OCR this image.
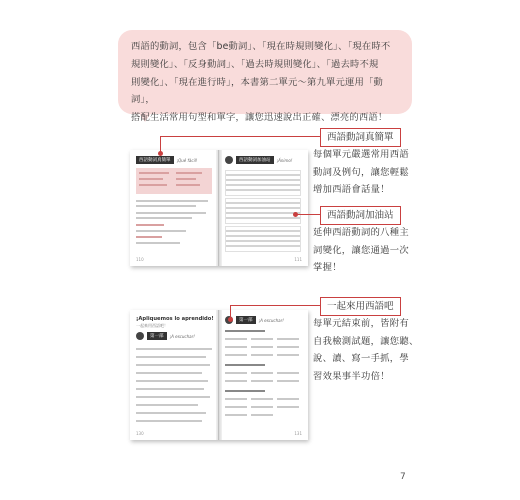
西語的動詞，包含「be動詞」、「現在時規則變化」、「現在時不
規則變化」、「反身動詞」、「過去時規則變化」、「過去時不規
則變化」、「現在進行時」，本書第二單元～第九單元運用「動詞」，
搭配生活常用句型和單字，讓您迅速說出正確、漂亮的西語！
西語動詞真簡單	¡Qué fácil!
110
西語動詞加油站	¡Ánimo!
111
¡Apliquemos lo aprendido!
一起來用西語吧！
第一部	¡A escuchar!
130
第一部	¡A escuchar!
131
西語動詞真簡單
每個單元嚴選常用西語
動詞及例句，讓您輕鬆
增加西語會話量！
西語動詞加油站
延伸西語動詞的八種主
詞變化，讓您通過一次
掌握！
一起來用西語吧
每單元結束前，皆附有
自我檢測試題，讓您聽、
說、讀、寫一手抓，學
習效果事半功倍！
7
